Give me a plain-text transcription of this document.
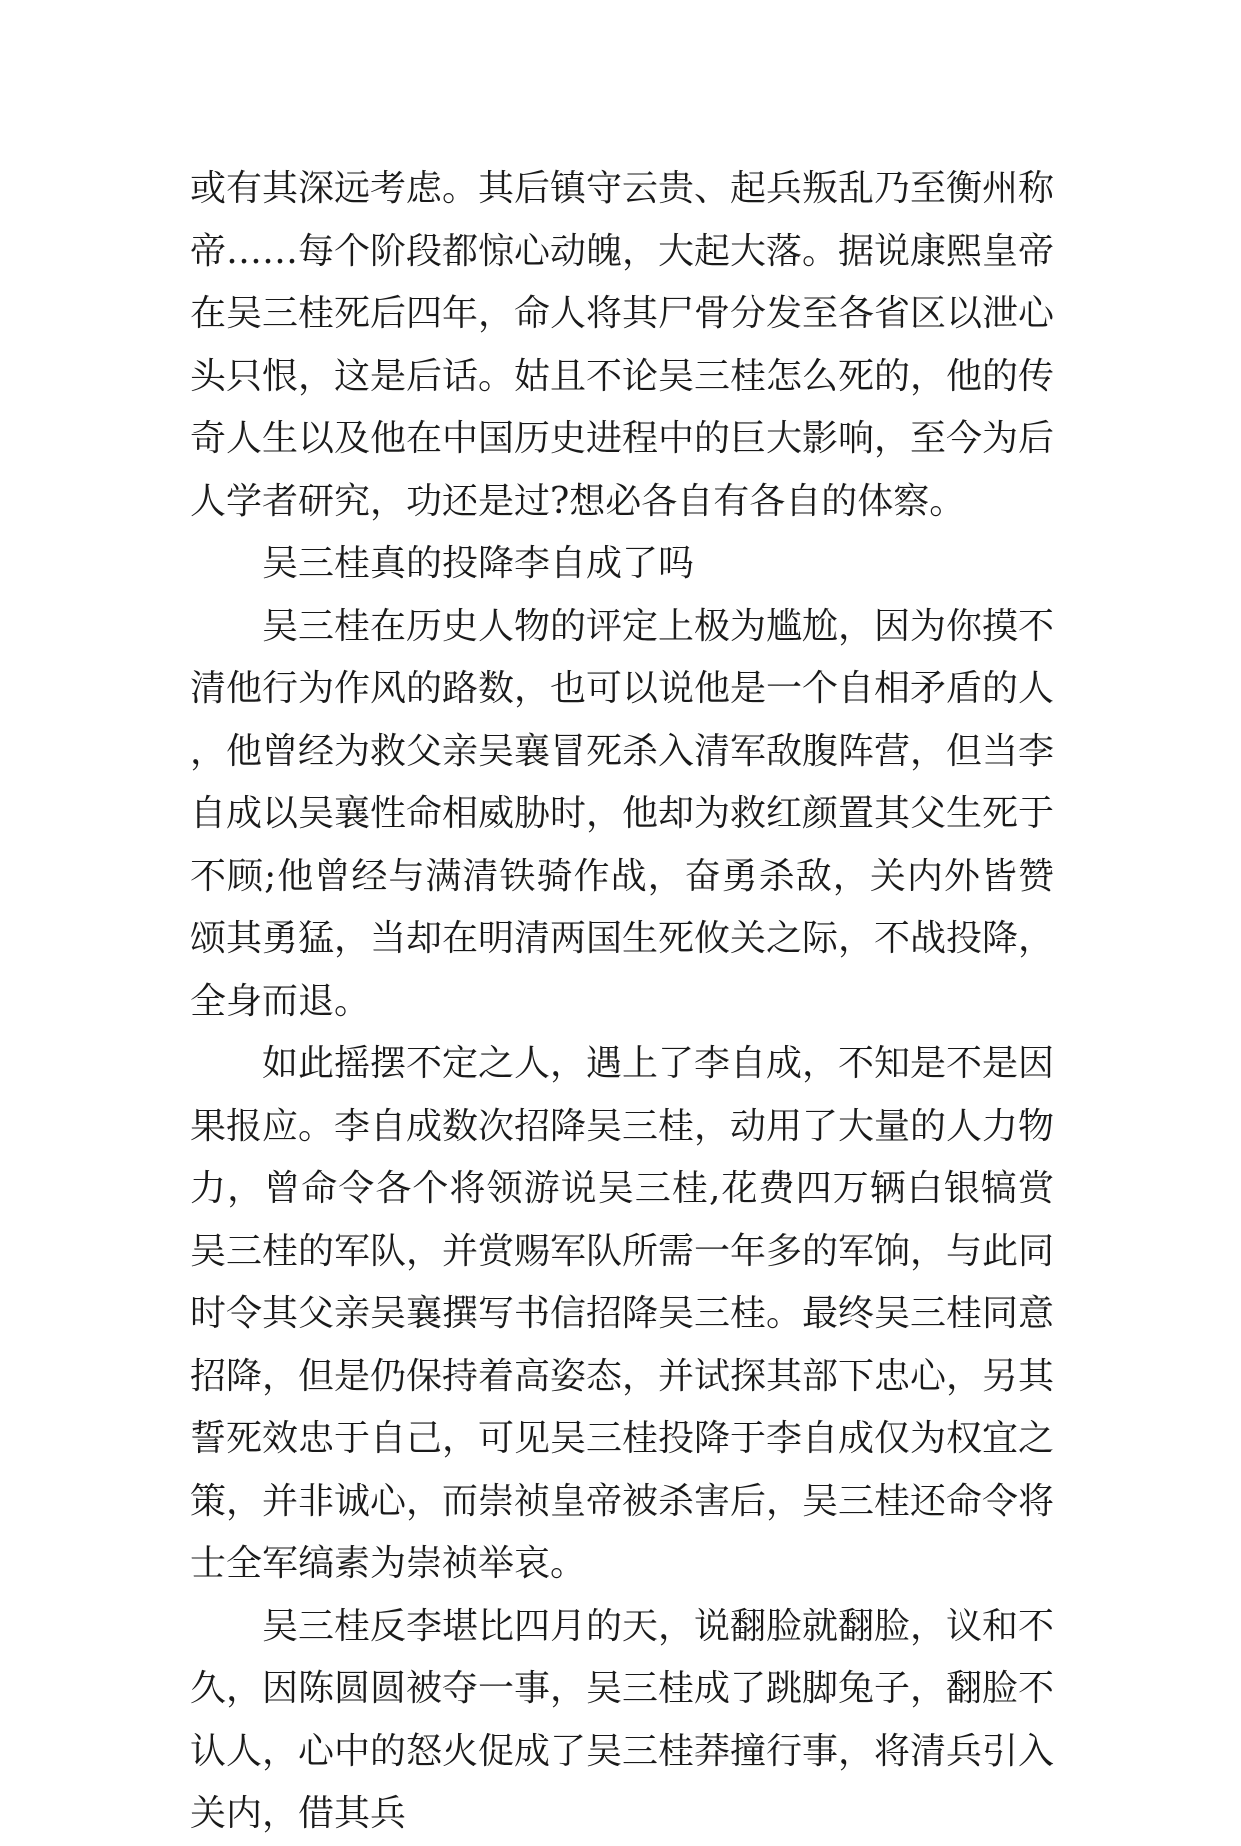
或有其深远考虑。其后镇守云贵、起兵叛乱乃至衡州称帝……每个阶段都惊心动魄，大起大落。据说康熙皇帝在吴三桂死后四年，命人将其尸骨分发至各省区以泄心头只恨，这是后话。姑且不论吴三桂怎么死的，他的传奇人生以及他在中国历史进程中的巨大影响，至今为后人学者研究，功还是过?想必各自有各自的体察。

吴三桂真的投降李自成了吗

吴三桂在历史人物的评定上极为尴尬，因为你摸不清他行为作风的路数，也可以说他是一个自相矛盾的人，他曾经为救父亲吴襄冒死杀入清军敌腹阵营，但当李自成以吴襄性命相威胁时，他却为救红颜置其父生死于不顾;他曾经与满清铁骑作战，奋勇杀敌，关内外皆赞颂其勇猛，当却在明清两国生死攸关之际，不战投降，全身而退。

如此摇摆不定之人，遇上了李自成，不知是不是因果报应。李自成数次招降吴三桂，动用了大量的人力物力，曾命令各个将领游说吴三桂,花费四万辆白银犒赏吴三桂的军队，并赏赐军队所需一年多的军饷，与此同时令其父亲吴襄撰写书信招降吴三桂。最终吴三桂同意招降，但是仍保持着高姿态，并试探其部下忠心，另其誓死效忠于自己，可见吴三桂投降于李自成仅为权宜之策，并非诚心，而崇祯皇帝被杀害后，吴三桂还命令将士全军缟素为崇祯举哀。

吴三桂反李堪比四月的天，说翻脸就翻脸，议和不久，因陈圆圆被夺一事，吴三桂成了跳脚兔子，翻脸不认人，心中的怒火促成了吴三桂莽撞行事，将清兵引入关内，借其兵
